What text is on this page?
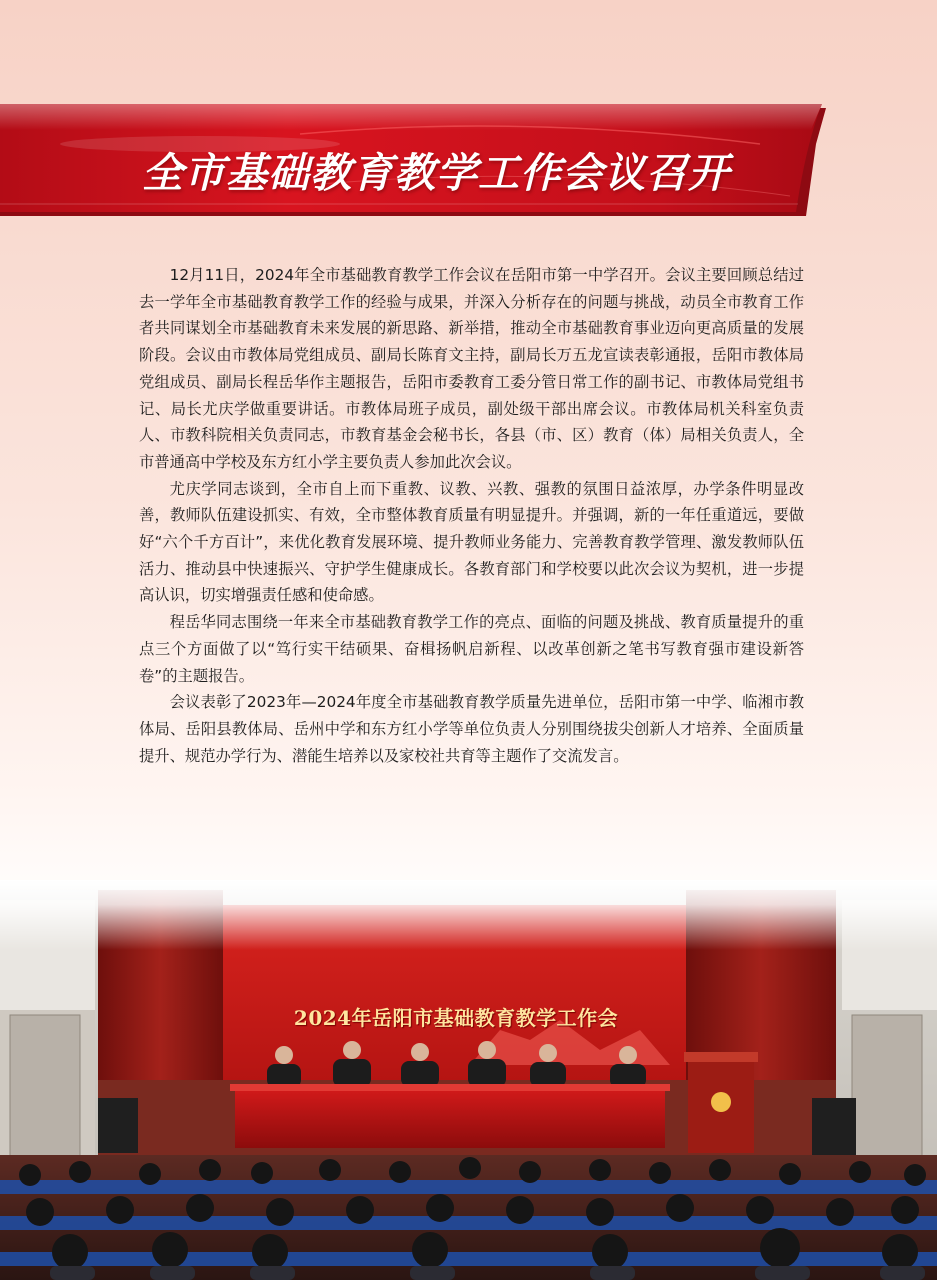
全市基础教育教学工作会议召开

12月11日，2024年全市基础教育教学工作会议在岳阳市第一中学召开。会议主要回顾总结过去一学年全市基础教育教学工作的经验与成果，并深入分析存在的问题与挑战，动员全市教育工作者共同谋划全市基础教育未来发展的新思路、新举措，推动全市基础教育事业迈向更高质量的发展阶段。会议由市教体局党组成员、副局长陈育文主持，副局长万五龙宣读表彰通报，岳阳市教体局党组成员、副局长程岳华作主题报告，岳阳市委教育工委分管日常工作的副书记、市教体局党组书记、局长尤庆学做重要讲话。市教体局班子成员，副处级干部出席会议。市教体局机关科室负责人、市教科院相关负责同志，市教育基金会秘书长，各县（市、区）教育（体）局相关负责人，全市普通高中学校及东方红小学主要负责人参加此次会议。

尤庆学同志谈到，全市自上而下重教、议教、兴教、强教的氛围日益浓厚，办学条件明显改善，教师队伍建设抓实、有效，全市整体教育质量有明显提升。并强调，新的一年任重道远，要做好“六个千方百计”，来优化教育发展环境、提升教师业务能力、完善教育教学管理、激发教师队伍活力、推动县中快速振兴、守护学生健康成长。各教育部门和学校要以此次会议为契机，进一步提高认识，切实增强责任感和使命感。

程岳华同志围绕一年来全市基础教育教学工作的亮点、面临的问题及挑战、教育质量提升的重点三个方面做了以“笃行实干结硕果、奋楫扬帆启新程、以改革创新之笔书写教育强市建设新答卷”的主题报告。

会议表彰了2023年—2024年度全市基础教育教学质量先进单位，岳阳市第一中学、临湘市教体局、岳阳县教体局、岳州中学和东方红小学等单位负责人分别围绕拔尖创新人才培养、全面质量提升、规范办学行为、潜能生培养以及家校社共育等主题作了交流发言。

2024年岳阳市基础教育教学工作会
